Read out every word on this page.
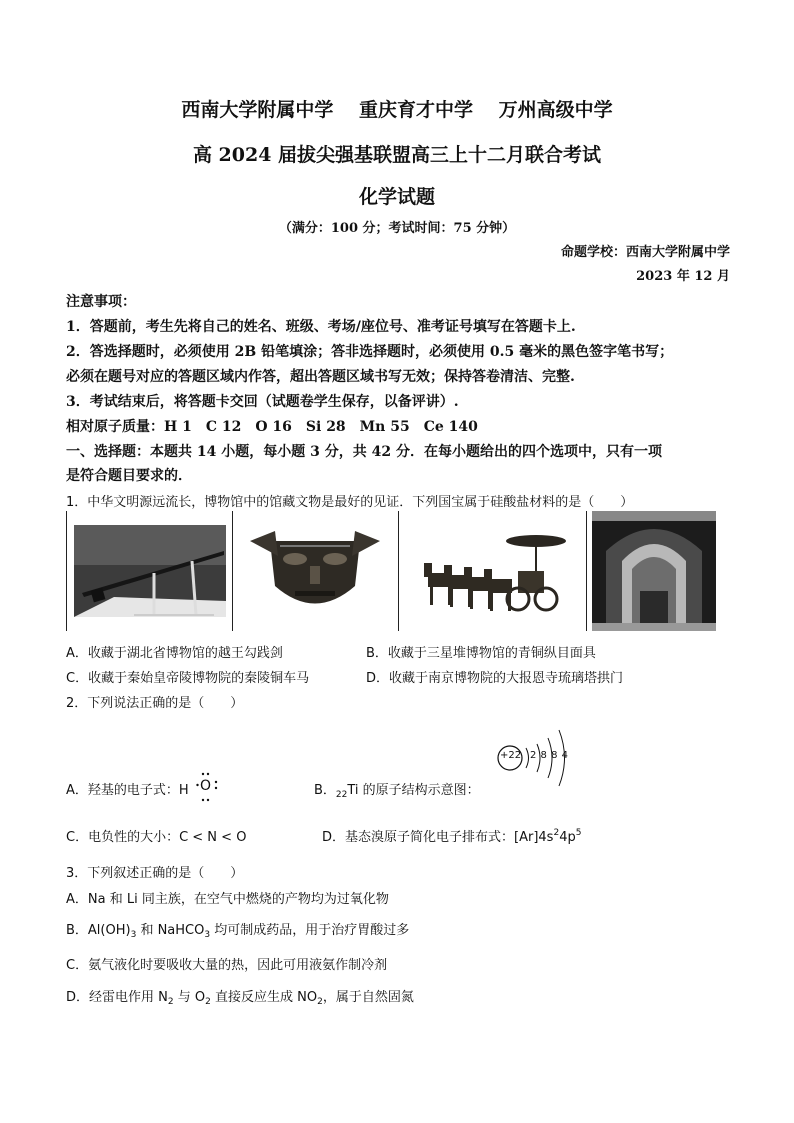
西南大学附属中学　 重庆育才中学　 万州高级中学
高 2024 届拔尖强基联盟高三上十二月联合考试
化学试题
（满分：100 分；考试时间：75 分钟）
命题学校：西南大学附属中学
2023 年 12 月
注意事项：
1．答题前，考生先将自己的姓名、班级、考场/座位号、准考证号填写在答题卡上.
2．答选择题时，必须使用 2B 铅笔填涂；答非选择题时，必须使用 0.5 毫米的黑色签字笔书写；
必须在题号对应的答题区域内作答，超出答题区域书写无效；保持答卷清洁、完整.
3．考试结束后，将答题卡交回（试题卷学生保存，以备评讲）.
相对原子质量：H 1　C 12　O 16　Si 28　Mn 55　Ce 140
一、选择题：本题共 14 小题，每小题 3 分，共 42 分．在每小题给出的四个选项中，只有一项
是符合题目要求的．
1．中华文明源远流长，博物馆中的馆藏文物是最好的见证．下列国宝属于硅酸盐材料的是（　　）
A．收藏于湖北省博物馆的越王勾践剑	B．收藏于三星堆博物馆的青铜纵目面具
C．收藏于秦始皇帝陵博物院的秦陵铜车马	D．收藏于南京博物院的大报恩寺琉璃塔拱门
2．下列说法正确的是（　　）
A．羟基的电子式：H O	B．$_{22}$Ti 的原子结构示意图：
+22 2 8 8 4
C．电负性的大小：C < N < O	D．基态溴原子简化电子排布式：$[Ar]4s^24p^5$
3．下列叙述正确的是（　　）
A．Na 和 Li 同主族，在空气中燃烧的产物均为过氧化物
B．$Al(OH)_3$ 和 NaHCO$_3$ 均可制成药品，用于治疗胃酸过多
C．氨气液化时要吸收大量的热，因此可用液氨作制冷剂
D．经雷电作用 $N_2$ 与 $O_2$ 直接反应生成 $NO_2$，属于自然固氮
